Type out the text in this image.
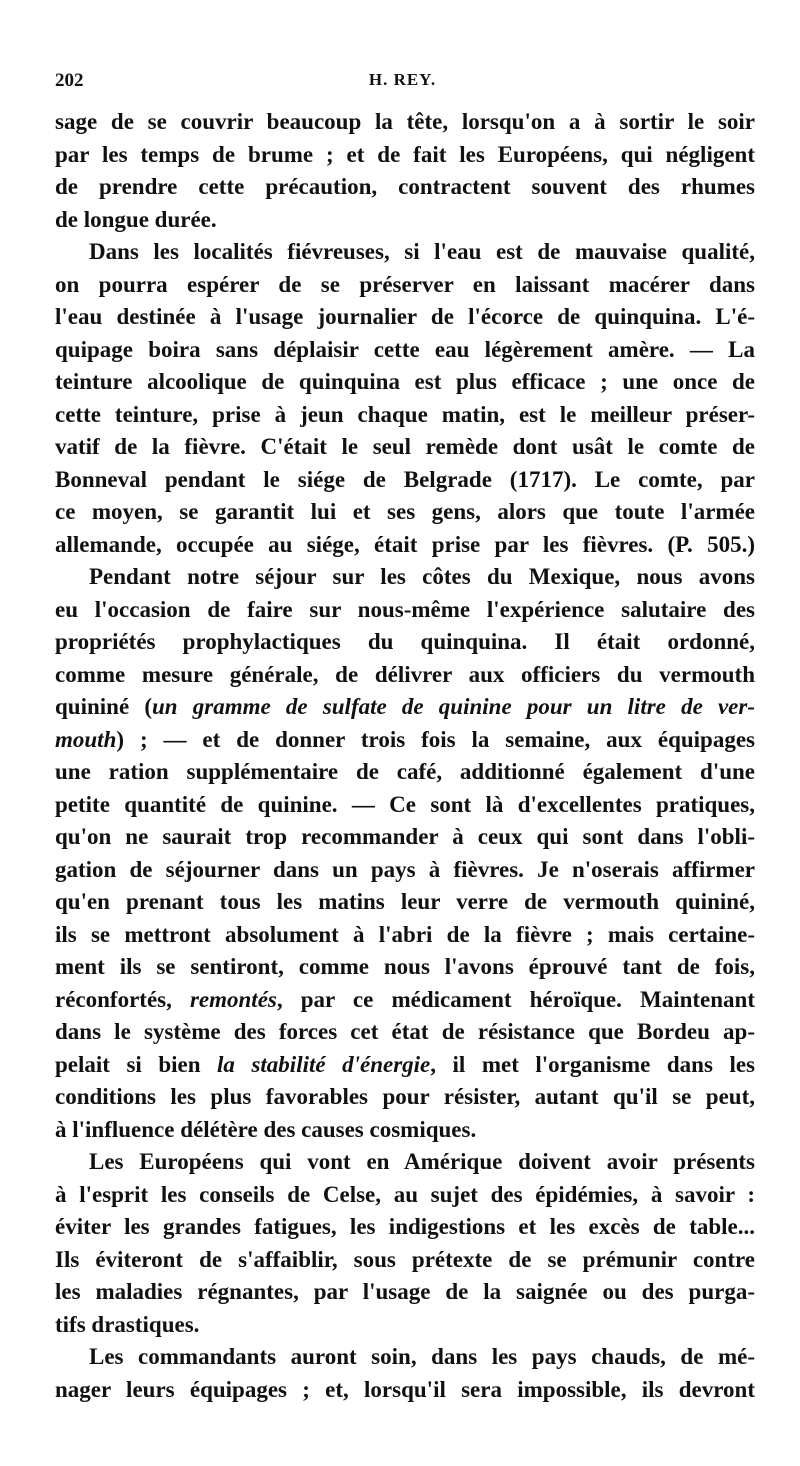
202	H. REY.
sage de se couvrir beaucoup la tête, lorsqu'on a à sortir le soir
par les temps de brume ; et de fait les Européens, qui négligent
de prendre cette précaution, contractent souvent des rhumes
de longue durée.
Dans les localités fiévreuses, si l'eau est de mauvaise qualité,
on pourra espérer de se préserver en laissant macérer dans
l'eau destinée à l'usage journalier de l'écorce de quinquina. L'é-
quipage boira sans déplaisir cette eau légèrement amère. — La
teinture alcoolique de quinquina est plus efficace ; une once de
cette teinture, prise à jeun chaque matin, est le meilleur préser-
vatif de la fièvre. C'était le seul remède dont usât le comte de
Bonneval pendant le siége de Belgrade (1717). Le comte, par
ce moyen, se garantit lui et ses gens, alors que toute l'armée
allemande, occupée au siége, était prise par les fièvres. (P. 505.)
Pendant notre séjour sur les côtes du Mexique, nous avons
eu l'occasion de faire sur nous-même l'expérience salutaire des
propriétés prophylactiques du quinquina. Il était ordonné,
comme mesure générale, de délivrer aux officiers du vermouth
quininé (un gramme de sulfate de quinine pour un litre de ver-
mouth) ; — et de donner trois fois la semaine, aux équipages
une ration supplémentaire de café, additionné également d'une
petite quantité de quinine. — Ce sont là d'excellentes pratiques,
qu'on ne saurait trop recommander à ceux qui sont dans l'obli-
gation de séjourner dans un pays à fièvres. Je n'oserais affirmer
qu'en prenant tous les matins leur verre de vermouth quininé,
ils se mettront absolument à l'abri de la fièvre ; mais certaine-
ment ils se sentiront, comme nous l'avons éprouvé tant de fois,
réconfortés, remontés, par ce médicament héroïque. Maintenant
dans le système des forces cet état de résistance que Bordeu ap-
pelait si bien la stabilité d'énergie, il met l'organisme dans les
conditions les plus favorables pour résister, autant qu'il se peut,
à l'influence délétère des causes cosmiques.
Les Européens qui vont en Amérique doivent avoir présents
à l'esprit les conseils de Celse, au sujet des épidémies, à savoir :
éviter les grandes fatigues, les indigestions et les excès de table...
Ils éviteront de s'affaiblir, sous prétexte de se prémunir contre
les maladies régnantes, par l'usage de la saignée ou des purga-
tifs drastiques.
Les commandants auront soin, dans les pays chauds, de mé-
nager leurs équipages ; et, lorsqu'il sera impossible, ils devront
